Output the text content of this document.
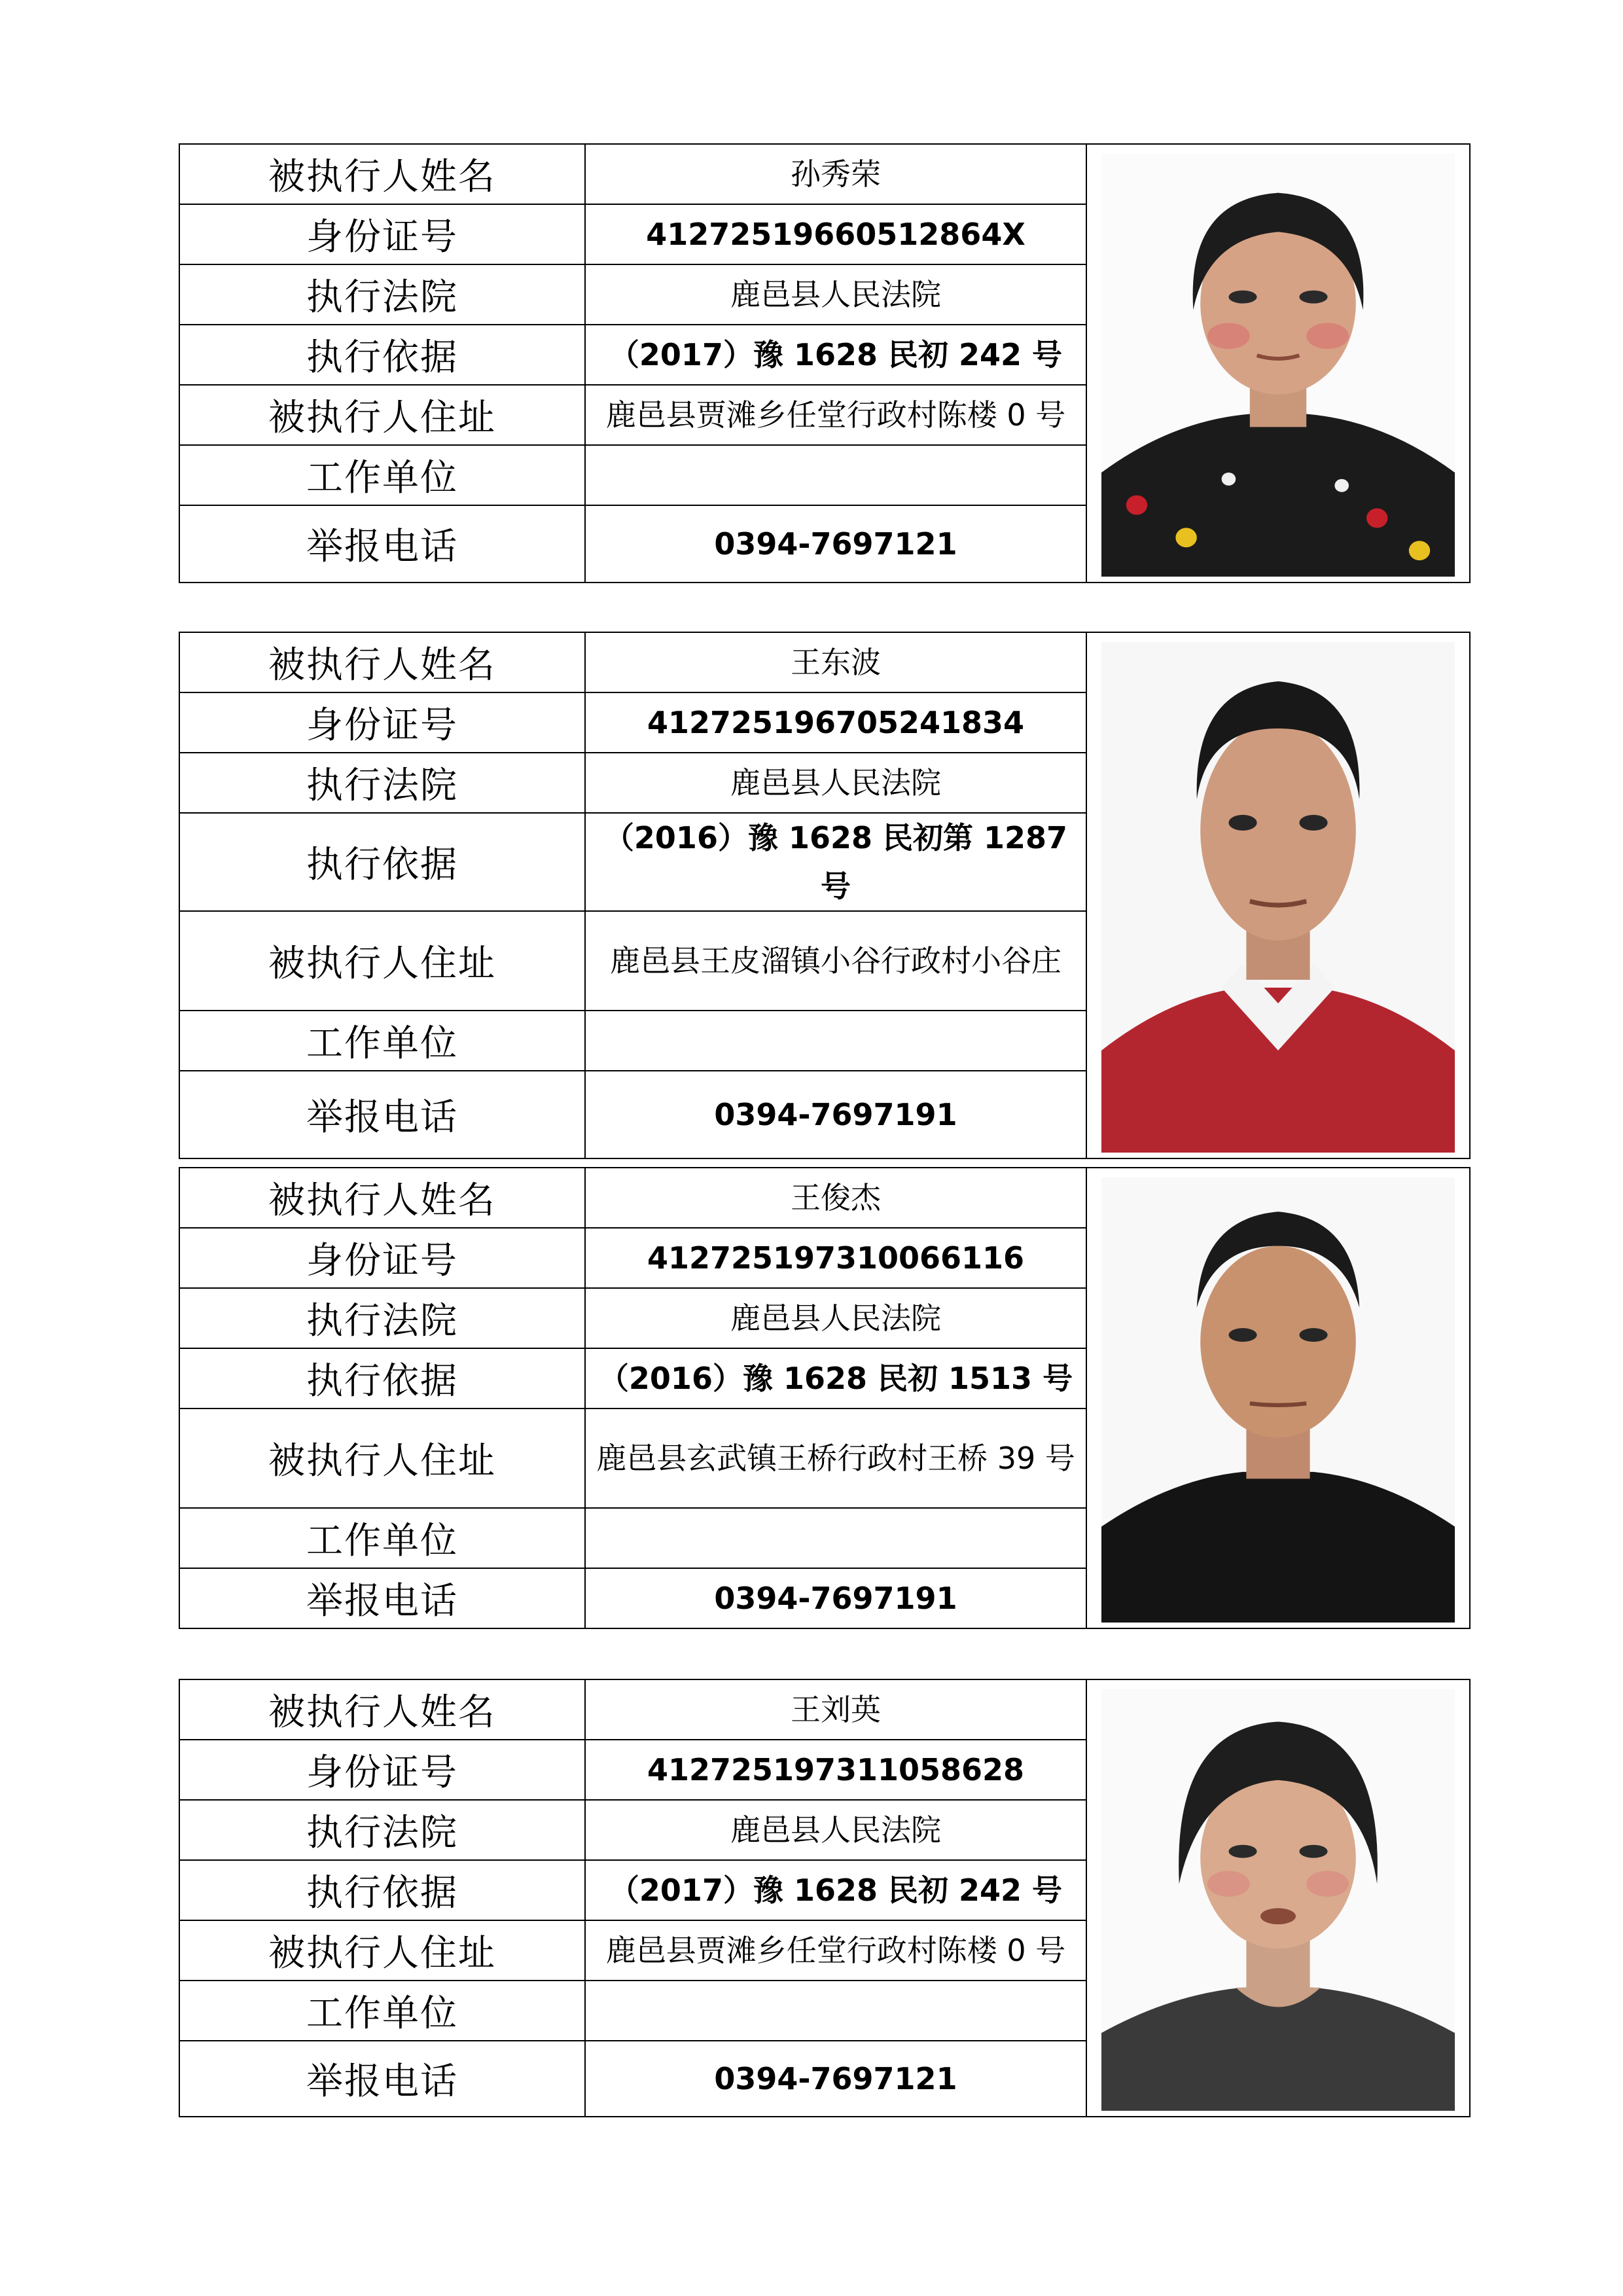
被执行人姓名	孙秀荣	

身份证号	41272519660512864X	
执行法院	鹿邑县人民法院	
执行依据	（2017）豫 1628 民初 242 号	
被执行人住址	鹿邑县贾滩乡任堂行政村陈楼 0 号	
工作单位		
举报电话	0394-7697121	
被执行人姓名	王东波	

身份证号	412725196705241834	
执行法院	鹿邑县人民法院	
执行依据	（2016）豫 1628 民初第 1287 号	
被执行人住址	鹿邑县王皮溜镇小谷行政村小谷庄	
工作单位		
举报电话	0394-7697191	
被执行人姓名	王俊杰	

身份证号	412725197310066116	
执行法院	鹿邑县人民法院	
执行依据	（2016）豫 1628 民初 1513 号	
被执行人住址	鹿邑县玄武镇王桥行政村王桥 39 号	
工作单位		
举报电话	0394-7697191	
被执行人姓名	王刘英	

身份证号	412725197311058628	
执行法院	鹿邑县人民法院	
执行依据	（2017）豫 1628 民初 242 号	
被执行人住址	鹿邑县贾滩乡任堂行政村陈楼 0 号	
工作单位		
举报电话	0394-7697121	
